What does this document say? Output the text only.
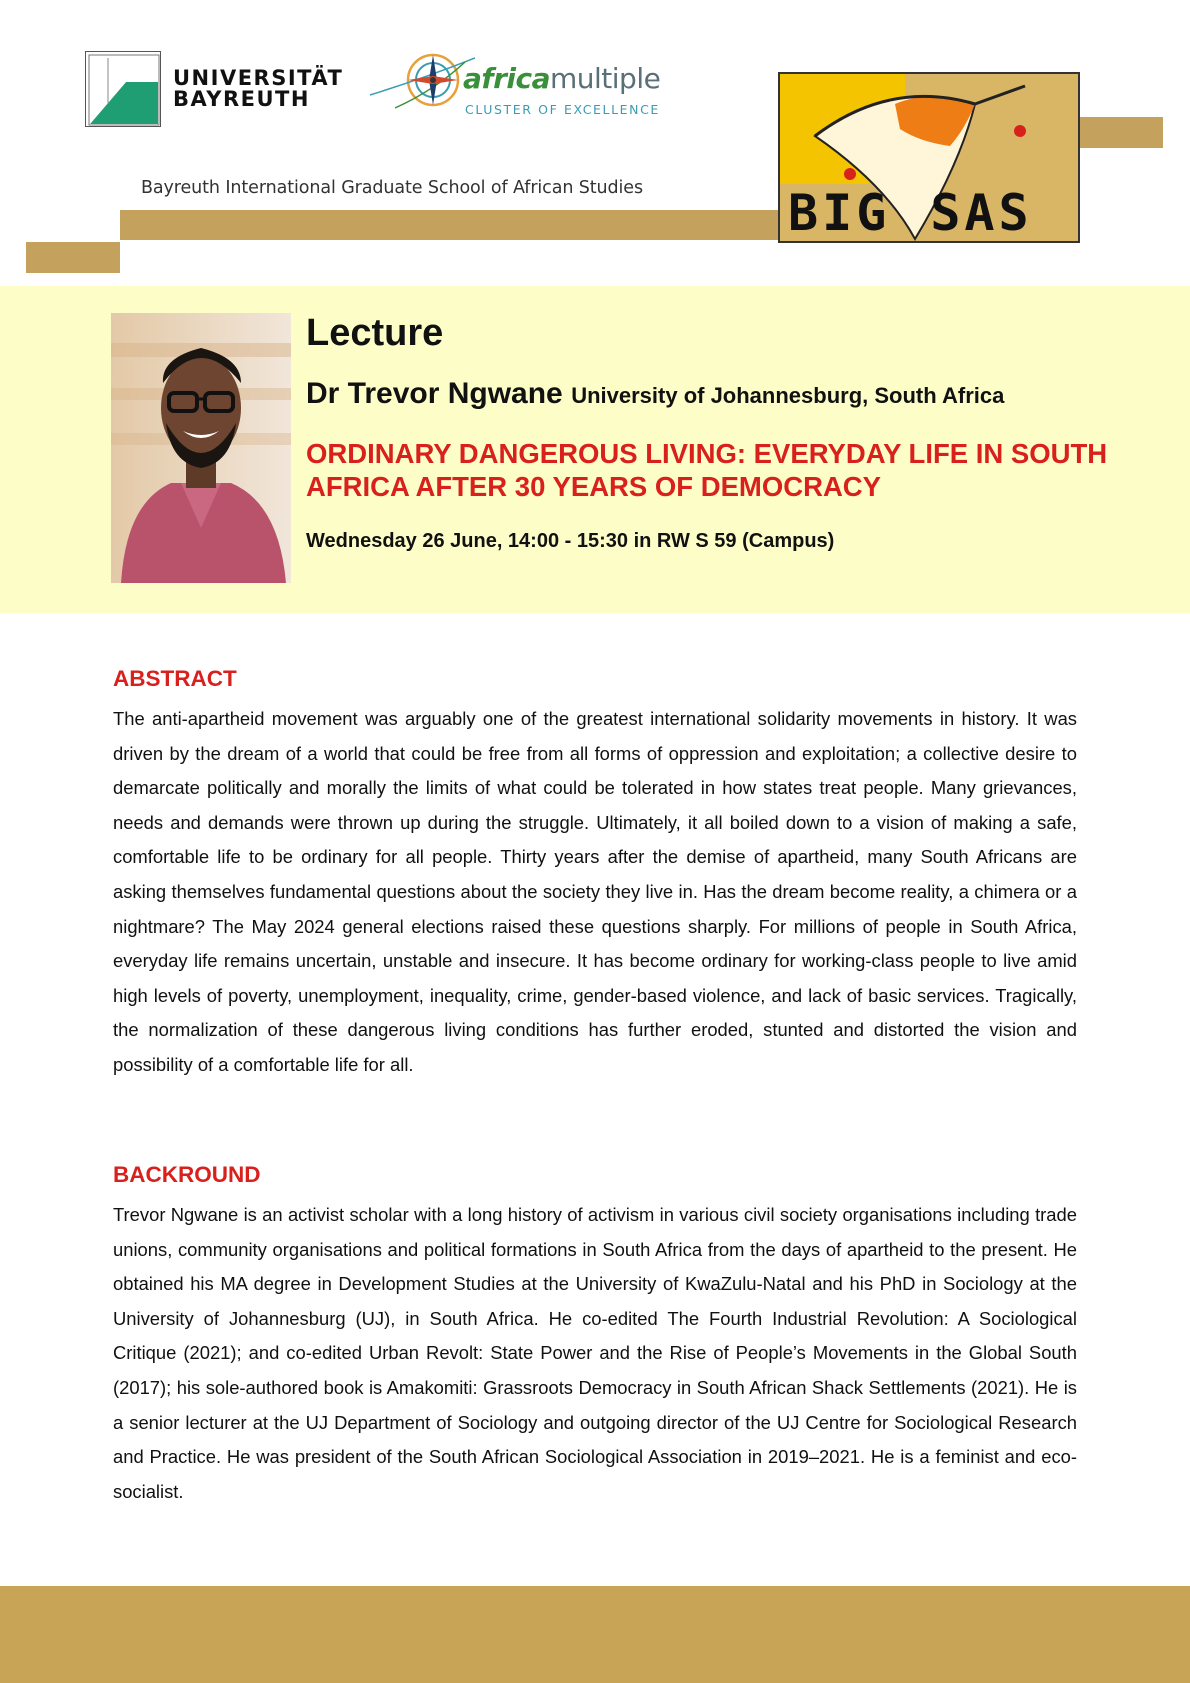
UNIVERSITÄT
BAYREUTH
africamultiple
CLUSTER OF EXCELLENCE
Bayreuth International Graduate School of African Studies	BIG SAS
Lecture
Dr Trevor Ngwane University of Johannesburg, South Africa
ORDINARY DANGEROUS LIVING: EVERYDAY LIFE IN SOUTH AFRICA AFTER 30 YEARS OF DEMOCRACY
Wednesday 26 June, 14:00 - 15:30 in RW S 59 (Campus)
ABSTRACT
The anti-apartheid movement was arguably one of the greatest international solidarity movements in history. It was driven by the dream of a world that could be free from all forms of oppression and exploitation; a collective desire to demarcate politically and morally the limits of what could be tolerated in how states treat people. Many grievances, needs and demands were thrown up during the struggle. Ultimately, it all boiled down to a vision of making a safe, comfortable life to be ordinary for all people. Thirty years after the demise of apartheid, many South Africans are asking themselves fundamental questions about the society they live in. Has the dream become reality, a chimera or a nightmare? The May 2024 general elections raised these questions sharply. For millions of people in South Africa, everyday life remains uncertain, unstable and insecure. It has become ordinary for working-class people to live amid high levels of poverty, unemployment, inequality, crime, gender-based violence, and lack of basic services. Tragically, the normalization of these dangerous living conditions has further eroded, stunted and distorted the vision and possibility of a comfortable life for all.
BACKROUND
Trevor Ngwane is an activist scholar with a long history of activism in various civil society organisations including trade unions, community organisations and political formations in South Africa from the days of apartheid to the present. He obtained his MA degree in Development Studies at the University of KwaZulu-Natal and his PhD in Sociology at the University of Johannesburg (UJ), in South Africa. He co-edited The Fourth Industrial Revolution: A Sociological Critique (2021); and co-edited Urban Revolt: State Power and the Rise of People’s Movements in the Global South (2017); his sole-authored book is Amakomiti: Grassroots Democracy in South African Shack Settlements (2021). He is a senior lecturer at the UJ Department of Sociology and outgoing director of the UJ Centre for Sociological Research and Practice. He was president of the South African Sociological Association in 2019–2021. He is a feminist and eco-socialist.
